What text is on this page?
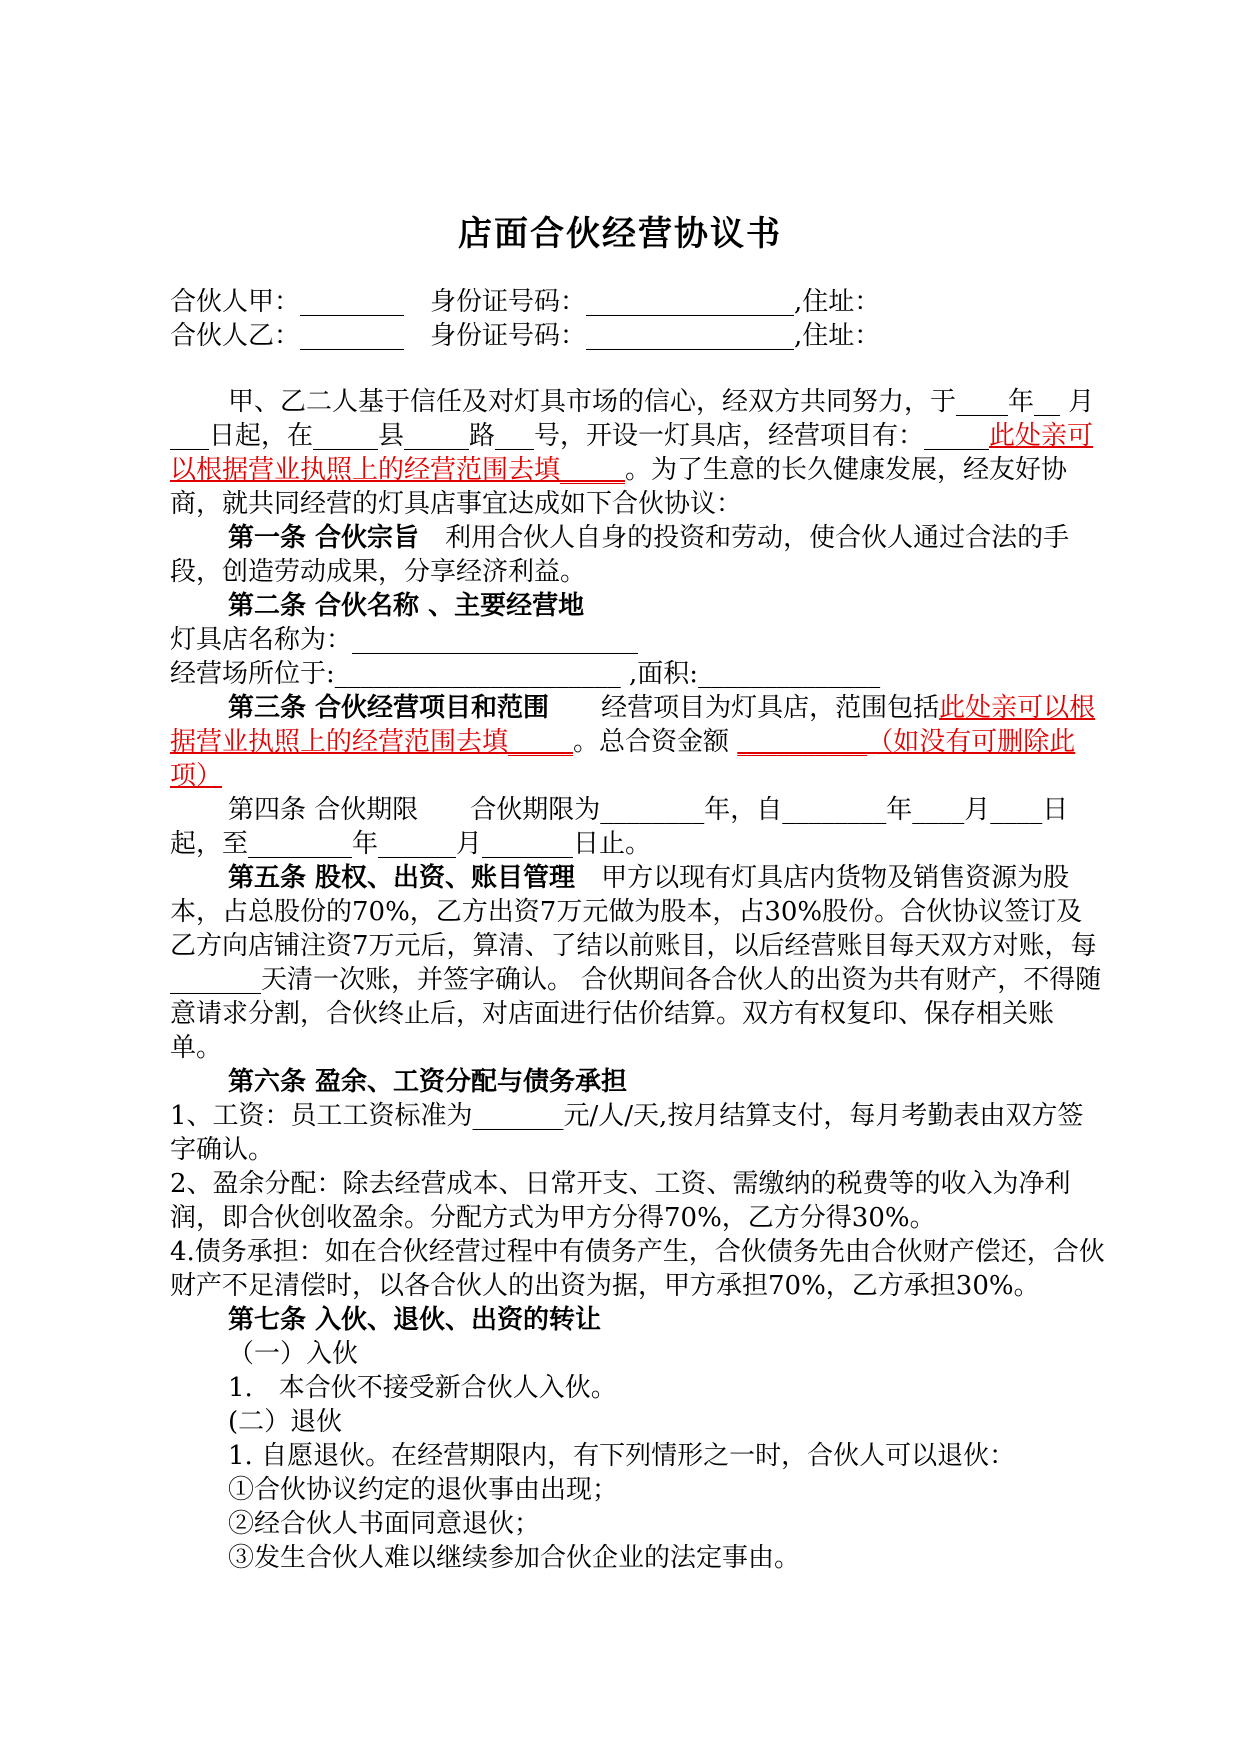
店面合伙经营协议书

合伙人甲：________　身份证号码：________________,住址：

合伙人乙：________　身份证号码：________________,住址：

甲、乙二人基于信任及对灯具市场的信心，经双方共同努力，于____年__ 月___日起，在_____县_____路___号，开设一灯具店，经营项目有：_____此处亲可以根据营业执照上的经营范围去填_____。为了生意的长久健康发展，经友好协商，就共同经营的灯具店事宜达成如下合伙协议：

第一条 合伙宗旨　利用合伙人自身的投资和劳动，使合伙人通过合法的手段，创造劳动成果，分享经济利益。

第二条 合伙名称 、主要经营地

灯具店名称为：______________________

经营场所位于:______________________ ,面积:______________

第三条 合伙经营项目和范围　　经营项目为灯具店，范围包括此处亲可以根据营业执照上的经营范围去填_____。总合资金额 __________（如没有可删除此项）

第四条 合伙期限　　合伙期限为________年，自________年____月____日起，至________年______月_______日止。

第五条 股权、出资、账目管理　甲方以现有灯具店内货物及销售资源为股本，占总股份的70%，乙方出资7万元做为股本，占30%股份。合伙协议签订及乙方向店铺注资7万元后，算清、了结以前账目，以后经营账目每天双方对账，每_______天清一次账，并签字确认。 合伙期间各合伙人的出资为共有财产，不得随意请求分割，合伙终止后，对店面进行估价结算。双方有权复印、保存相关账单。

第六条 盈余、工资分配与债务承担

1、工资：员工工资标准为_______元/人/天,按月结算支付，每月考勤表由双方签字确认。

2、盈余分配：除去经营成本、日常开支、工资、需缴纳的税费等的收入为净利润，即合伙创收盈余。分配方式为甲方分得70%，乙方分得30%。

4.债务承担：如在合伙经营过程中有债务产生，合伙债务先由合伙财产偿还，合伙财产不足清偿时，以各合伙人的出资为据，甲方承担70%，乙方承担30%。

第七条 入伙、退伙、出资的转让

（一）入伙

1.　本合伙不接受新合伙人入伙。

(二）退伙

1. 自愿退伙。在经营期限内，有下列情形之一时，合伙人可以退伙：

①合伙协议约定的退伙事由出现；

②经合伙人书面同意退伙；

③发生合伙人难以继续参加合伙企业的法定事由。
